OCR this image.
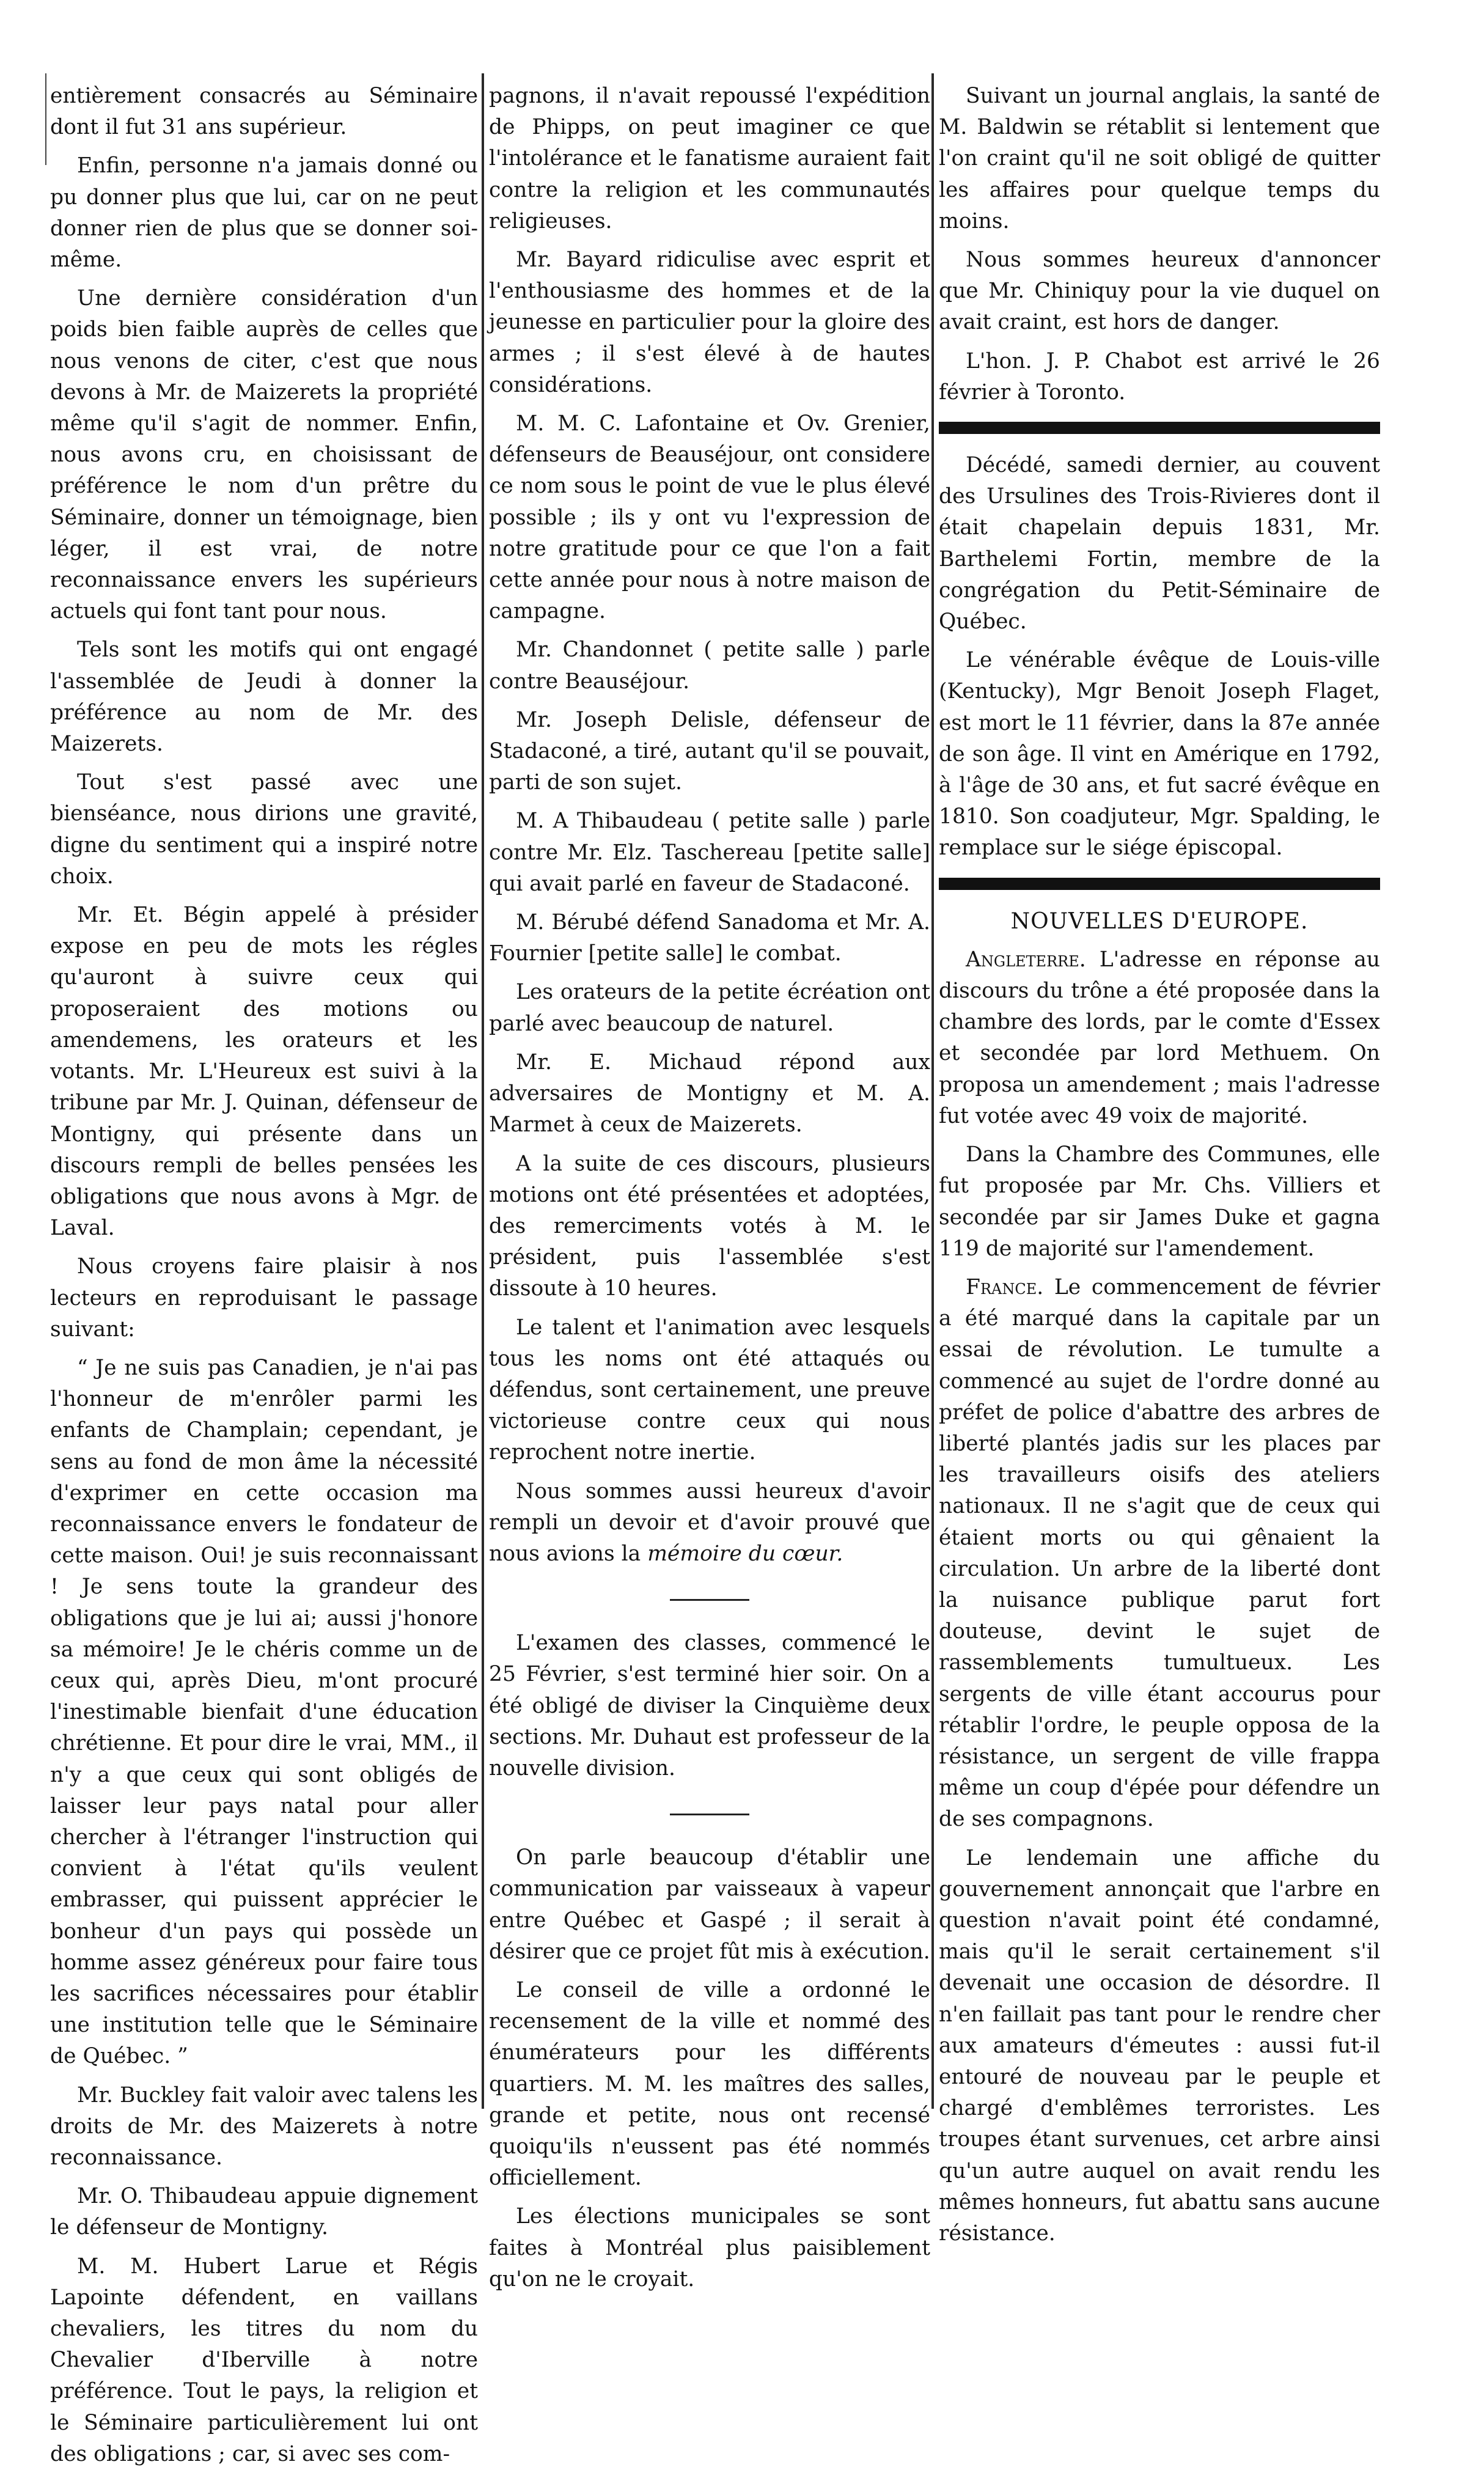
entièrement consacrés au Séminaire dont il fut 31 ans supérieur.

Enfin, personne n'a jamais donné ou pu donner plus que lui, car on ne peut donner rien de plus que se donner soi-même.

Une dernière considération d'un poids bien faible auprès de celles que nous venons de citer, c'est que nous devons à Mr. de Maizerets la propriété même qu'il s'agit de nommer. Enfin, nous avons cru, en choisissant de préférence le nom d'un prêtre du Séminaire, donner un témoignage, bien léger, il est vrai, de notre reconnaissance envers les supérieurs actuels qui font tant pour nous.

Tels sont les motifs qui ont engagé l'assemblée de Jeudi à donner la préférence au nom de Mr. des Maizerets.

Tout s'est passé avec une bienséance, nous dirions une gravité, digne du sentiment qui a inspiré notre choix.

Mr. Et. Bégin appelé à présider expose en peu de mots les régles qu'auront à suivre ceux qui proposeraient des motions ou amendemens, les orateurs et les votants. Mr. L'Heureux est suivi à la tribune par Mr. J. Quinan, défenseur de Montigny, qui présente dans un discours rempli de belles pensées les obligations que nous avons à Mgr. de Laval.

Nous croyens faire plaisir à nos lecteurs en reproduisant le passage suivant:

“ Je ne suis pas Canadien, je n'ai pas l'honneur de m'enrôler parmi les enfants de Champlain; cependant, je sens au fond de mon âme la nécessité d'exprimer en cette occasion ma reconnaissance envers le fondateur de cette maison. Oui! je suis reconnaissant ! Je sens toute la grandeur des obligations que je lui ai; aussi j'honore sa mémoire! Je le chéris comme un de ceux qui, après Dieu, m'ont procuré l'inestimable bienfait d'une éducation chrétienne. Et pour dire le vrai, MM., il n'y a que ceux qui sont obligés de laisser leur pays natal pour aller chercher à l'étranger l'instruction qui convient à l'état qu'ils veulent embrasser, qui puissent apprécier le bonheur d'un pays qui possède un homme assez généreux pour faire tous les sacrifices nécessaires pour établir une institution telle que le Séminaire de Québec. ”

Mr. Buckley fait valoir avec talens les droits de Mr. des Maizerets à notre reconnaissance.

Mr. O. Thibaudeau appuie dignement le défenseur de Montigny.

M. M. Hubert Larue et Régis Lapointe défendent, en vaillans chevaliers, les titres du nom du Chevalier d'Iberville à notre préférence. Tout le pays, la religion et le Séminaire particulièrement lui ont des obligations ; car, si avec ses com-

pagnons, il n'avait repoussé l'expédition de Phipps, on peut imaginer ce que l'intolérance et le fanatisme auraient fait contre la religion et les communautés religieuses.

Mr. Bayard ridiculise avec esprit et l'enthousiasme des hommes et de la jeunesse en particulier pour la gloire des armes ; il s'est élevé à de hautes considérations.

M. M. C. Lafontaine et Ov. Grenier, défenseurs de Beauséjour, ont considere ce nom sous le point de vue le plus élevé possible ; ils y ont vu l'expression de notre gratitude pour ce que l'on a fait cette année pour nous à notre maison de campagne.

Mr. Chandonnet ( petite salle ) parle contre Beauséjour.

Mr. Joseph Delisle, défenseur de Stadaconé, a tiré, autant qu'il se pouvait, parti de son sujet.

M. A Thibaudeau ( petite salle ) parle contre Mr. Elz. Taschereau [petite salle] qui avait parlé en faveur de Stadaconé.

M. Bérubé défend Sanadoma et Mr. A. Fournier [petite salle] le combat.

Les orateurs de la petite écréation ont parlé avec beaucoup de naturel.

Mr. E. Michaud répond aux adversaires de Montigny et M. A. Marmet à ceux de Maizerets.

A la suite de ces discours, plusieurs motions ont été présentées et adoptées, des remerciments votés à M. le président, puis l'assemblée s'est dissoute à 10 heures.

Le talent et l'animation avec lesquels tous les noms ont été attaqués ou défendus, sont certainement, une preuve victorieuse contre ceux qui nous reprochent notre inertie.

Nous sommes aussi heureux d'avoir rempli un devoir et d'avoir prouvé que nous avions la mémoire du cœur.

L'examen des classes, commencé le 25 Février, s'est terminé hier soir. On a été obligé de diviser la Cinquième deux sections. Mr. Duhaut est professeur de la nouvelle division.

On parle beaucoup d'établir une communication par vaisseaux à vapeur entre Québec et Gaspé ; il serait à désirer que ce projet fût mis à exécution.

Le conseil de ville a ordonné le recensement de la ville et nommé des énumérateurs pour les différents quartiers. M. M. les maîtres des salles, grande et petite, nous ont recensé quoiqu'ils n'eussent pas été nommés officiellement.

Les élections municipales se sont faites à Montréal plus paisiblement qu'on ne le croyait.

Suivant un journal anglais, la santé de M. Baldwin se rétablit si lentement que l'on craint qu'il ne soit obligé de quitter les affaires pour quelque temps du moins.

Nous sommes heureux d'annoncer que Mr. Chiniquy pour la vie duquel on avait craint, est hors de danger.

L'hon. J. P. Chabot est arrivé le 26 février à Toronto.

Décédé, samedi dernier, au couvent des Ursulines des Trois-Rivieres dont il était chapelain depuis 1831, Mr. Barthelemi Fortin, membre de la congrégation du Petit-Séminaire de Québec.

Le vénérable évêque de Louis-ville (Kentucky), Mgr Benoit Joseph Flaget, est mort le 11 février, dans la 87e année de son âge. Il vint en Amérique en 1792, à l'âge de 30 ans, et fut sacré évêque en 1810. Son coadjuteur, Mgr. Spalding, le remplace sur le siége épiscopal.

NOUVELLES D'EUROPE.

Angleterre. L'adresse en réponse au discours du trône a été proposée dans la chambre des lords, par le comte d'Essex et secondée par lord Methuem. On proposa un amendement ; mais l'adresse fut votée avec 49 voix de majorité.

Dans la Chambre des Communes, elle fut proposée par Mr. Chs. Villiers et secondée par sir James Duke et gagna 119 de majorité sur l'amendement.

France. Le commencement de février a été marqué dans la capitale par un essai de révolution. Le tumulte a commencé au sujet de l'ordre donné au préfet de police d'abattre des arbres de liberté plantés jadis sur les places par les travailleurs oisifs des ateliers nationaux. Il ne s'agit que de ceux qui étaient morts ou qui gênaient la circulation. Un arbre de la liberté dont la nuisance publique parut fort douteuse, devint le sujet de rassemblements tumultueux. Les sergents de ville étant accourus pour rétablir l'ordre, le peuple opposa de la résistance, un sergent de ville frappa même un coup d'épée pour défendre un de ses compagnons.

Le lendemain une affiche du gouvernement annonçait que l'arbre en question n'avait point été condamné, mais qu'il le serait certainement s'il devenait une occasion de désordre. Il n'en faillait pas tant pour le rendre cher aux amateurs d'émeutes : aussi fut-il entouré de nouveau par le peuple et chargé d'emblêmes terroristes. Les troupes étant survenues, cet arbre ainsi qu'un autre auquel on avait rendu les mêmes honneurs, fut abattu sans aucune résistance.
